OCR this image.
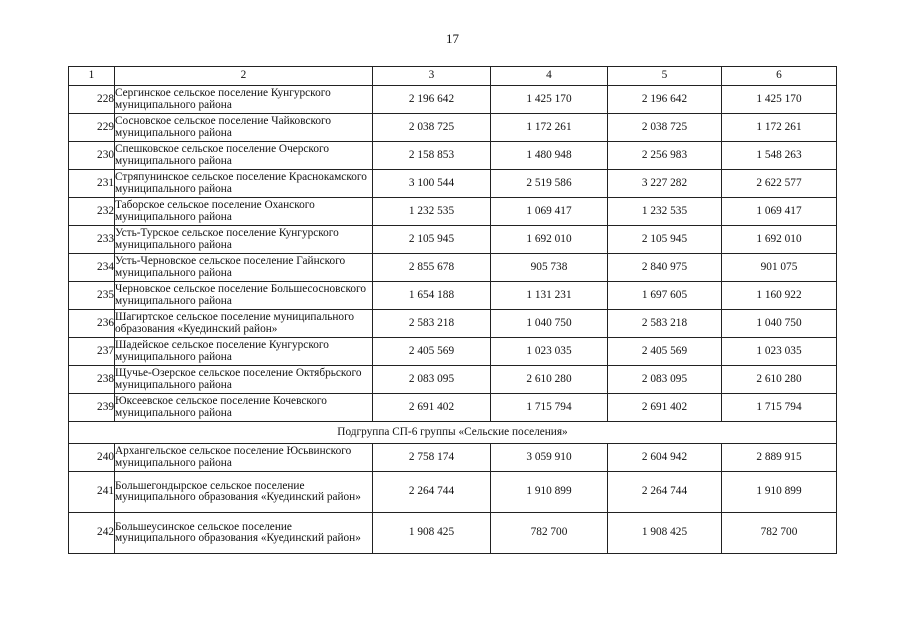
17
1	2	3	4	5	6
228	Сергинское сельское поселение Кунгурского муниципального района	2 196 642	1 425 170	2 196 642	1 425 170
229	Сосновское сельское поселение Чайковского муниципального района	2 038 725	1 172 261	2 038 725	1 172 261
230	Спешковское сельское поселение Очерского муниципального района	2 158 853	1 480 948	2 256 983	1 548 263
231	Стряпунинское сельское поселение Краснокамского муниципального района	3 100 544	2 519 586	3 227 282	2 622 577
232	Таборское сельское поселение Оханского муниципального района	1 232 535	1 069 417	1 232 535	1 069 417
233	Усть-Турское сельское поселение Кунгурского муниципального района	2 105 945	1 692 010	2 105 945	1 692 010
234	Усть-Черновское сельское поселение Гайнского муниципального района	2 855 678	905 738	2 840 975	901 075
235	Черновское сельское поселение Большесосновского муниципального района	1 654 188	1 131 231	1 697 605	1 160 922
236	Шагиртское сельское поселение муниципального образования «Куединский район»	2 583 218	1 040 750	2 583 218	1 040 750
237	Шадейское сельское поселение Кунгурского муниципального района	2 405 569	1 023 035	2 405 569	1 023 035
238	Щучье-Озерское сельское поселение Октябрьского муниципального района	2 083 095	2 610 280	2 083 095	2 610 280
239	Юксеевское сельское поселение Кочевского муниципального района	2 691 402	1 715 794	2 691 402	1 715 794
Подгруппа СП-6 группы «Сельские поселения»					
240	Архангельское сельское поселение Юсьвинского муниципального района	2 758 174	3 059 910	2 604 942	2 889 915
241	Большегондырское сельское поселение муниципального образования «Куединский район»	2 264 744	1 910 899	2 264 744	1 910 899
242	Большеусинское сельское поселение муниципального образования «Куединский район»	1 908 425	782 700	1 908 425	782 700
